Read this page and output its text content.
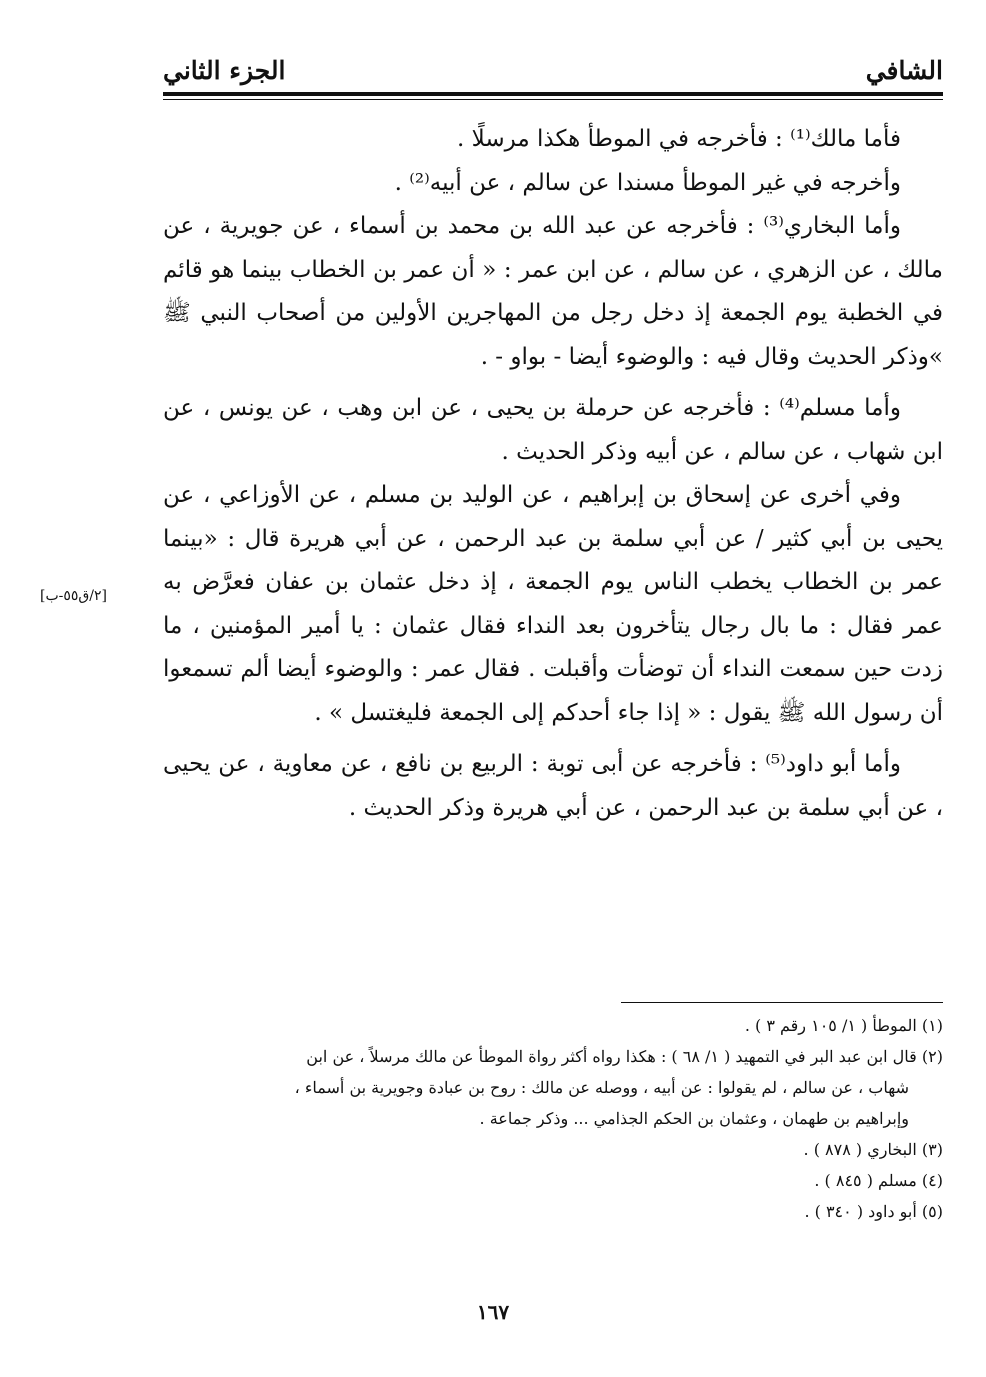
الشافي
الجزء الثاني

فأما مالك⁽¹⁾ : فأخرجه في الموطأ هكذا مرسلًا .

وأخرجه في غير الموطأ مسندا عن سالم ، عن أبيه⁽²⁾ .

وأما البخاري⁽³⁾ : فأخرجه عن عبد الله بن محمد بن أسماء ، عن جويرية ، عن مالك ، عن الزهري ، عن سالم ، عن ابن عمر : « أن عمر بن الخطاب بينما هو قائم في الخطبة يوم الجمعة إذ دخل رجل من المهاجرين الأولين من أصحاب النبي ﷺ »وذكر الحديث وقال فيه : والوضوء أيضا - بواو - .

وأما مسلم⁽⁴⁾ : فأخرجه عن حرملة بن يحيى ، عن ابن وهب ، عن يونس ، عن ابن شهاب ، عن سالم ، عن أبيه وذكر الحديث .

وفي أخرى عن إسحاق بن إبراهيم ، عن الوليد بن مسلم ، عن الأوزاعي ، عن يحيى بن أبي كثير / عن أبي سلمة بن عبد الرحمن ، عن أبي هريرة قال : «بينما عمر بن الخطاب يخطب الناس يوم الجمعة ، إذ دخل عثمان بن عفان فعرَّض به عمر فقال : ما بال رجال يتأخرون بعد النداء فقال عثمان : يا أمير المؤمنين ، ما زدت حين سمعت النداء أن توضأت وأقبلت . فقال عمر : والوضوء أيضا ألم تسمعوا أن رسول الله ﷺ يقول : « إذا جاء أحدكم إلى الجمعة فليغتسل » .

وأما أبو داود⁽⁵⁾ : فأخرجه عن أبى توبة : الربيع بن نافع ، عن معاوية ، عن يحيى ، عن أبي سلمة بن عبد الرحمن ، عن أبي هريرة وذكر الحديث .

[٢/ق٥٥-ب]

(١) الموطأ ( ١/ ١٠٥ رقم ٣ ) .

(٢) قال ابن عبد البر في التمهيد ( ١/ ٦٨ ) : هكذا رواه أكثر رواة الموطأ عن مالك مرسلاً ، عن ابن

شهاب ، عن سالم ، لم يقولوا : عن أبيه ، ووصله عن مالك : روح بن عبادة وجويرية بن أسماء ،

وإبراهيم بن طهمان ، وعثمان بن الحكم الجذامي ... وذكر جماعة .

(٣) البخاري ( ٨٧٨ ) .

(٤) مسلم ( ٨٤٥ ) .

(٥) أبو داود ( ٣٤٠ ) .

١٦٧
